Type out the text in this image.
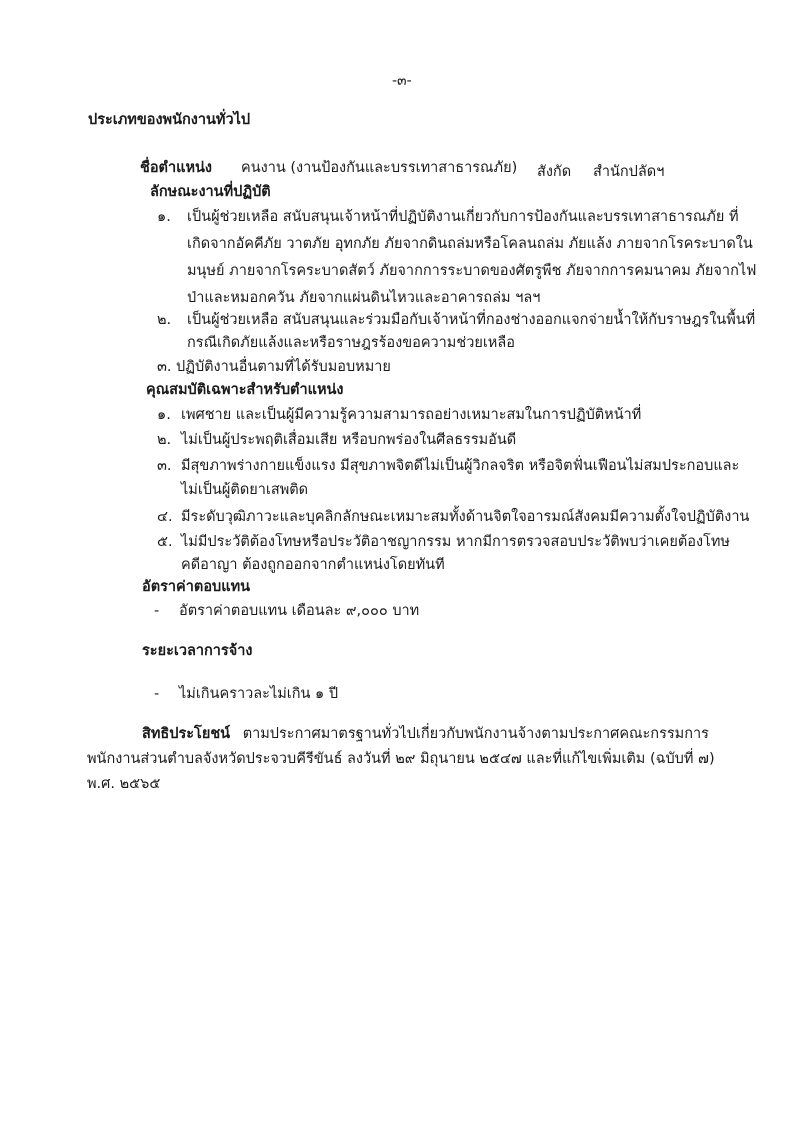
-๓-
ประเภทของพนักงานทั่วไป
ชื่อตำแหน่ง คนงาน (งานป้องกันและบรรเทาสาธารณภัย) สังกัด สำนักปลัดฯ
ลักษณะงานที่ปฏิบัติ
๑. เป็นผู้ช่วยเหลือ สนับสนุนเจ้าหน้าที่ปฏิบัติงานเกี่ยวกับการป้องกันและบรรเทาสาธารณภัย ที่
เกิดจากอัคคีภัย วาตภัย อุทกภัย ภัยจากดินถล่มหรือโคลนถล่ม ภัยแล้ง ภายจากโรคระบาดใน
มนุษย์ ภายจากโรคระบาดสัตว์ ภัยจากการระบาดของศัตรูพืช ภัยจากการคมนาคม ภัยจากไฟ
ป่าและหมอกควัน ภัยจากแผ่นดินไหวและอาคารถล่ม ฯลฯ
๒. เป็นผู้ช่วยเหลือ สนับสนุนและร่วมมือกับเจ้าหน้าที่กองช่างออกแจกจ่ายน้ำให้กับราษฎรในพื้นที่
กรณีเกิดภัยแล้งและหรือราษฎรร้องขอความช่วยเหลือ
๓. ปฏิบัติงานอื่นตามที่ได้รับมอบหมาย
คุณสมบัติเฉพาะสำหรับตำแหน่ง
๑. เพศชาย และเป็นผู้มีความรู้ความสามารถอย่างเหมาะสมในการปฏิบัติหน้าที่
๒. ไม่เป็นผู้ประพฤติเสื่อมเสีย หรือบกพร่องในศีลธรรมอันดี
๓. มีสุขภาพร่างกายแข็งแรง มีสุขภาพจิตดีไม่เป็นผู้วิกลจริต หรือจิตฟั่นเฟือนไม่สมประกอบและ
ไม่เป็นผู้ติดยาเสพติด
๔. มีระดับวุฒิภาวะและบุคลิกลักษณะเหมาะสมทั้งด้านจิตใจอารมณ์สังคมมีความตั้งใจปฏิบัติงาน
๕. ไม่มีประวัติต้องโทษหรือประวัติอาชญากรรม หากมีการตรวจสอบประวัติพบว่าเคยต้องโทษ
คดีอาญา ต้องถูกออกจากตำแหน่งโดยทันที
อัตราค่าตอบแทน
- อัตราค่าตอบแทน เดือนละ ๙,๐๐๐ บาท
ระยะเวลาการจ้าง
- ไม่เกินคราวละไม่เกิน ๑ ปี
สิทธิประโยชน์ ตามประกาศมาตรฐานทั่วไปเกี่ยวกับพนักงานจ้างตามประกาศคณะกรรมการ
พนักงานส่วนตำบลจังหวัดประจวบคีรีขันธ์ ลงวันที่ ๒๙ มิถุนายน ๒๕๔๗ และที่แก้ไขเพิ่มเติม (ฉบับที่ ๗)
พ.ศ. ๒๕๖๕
